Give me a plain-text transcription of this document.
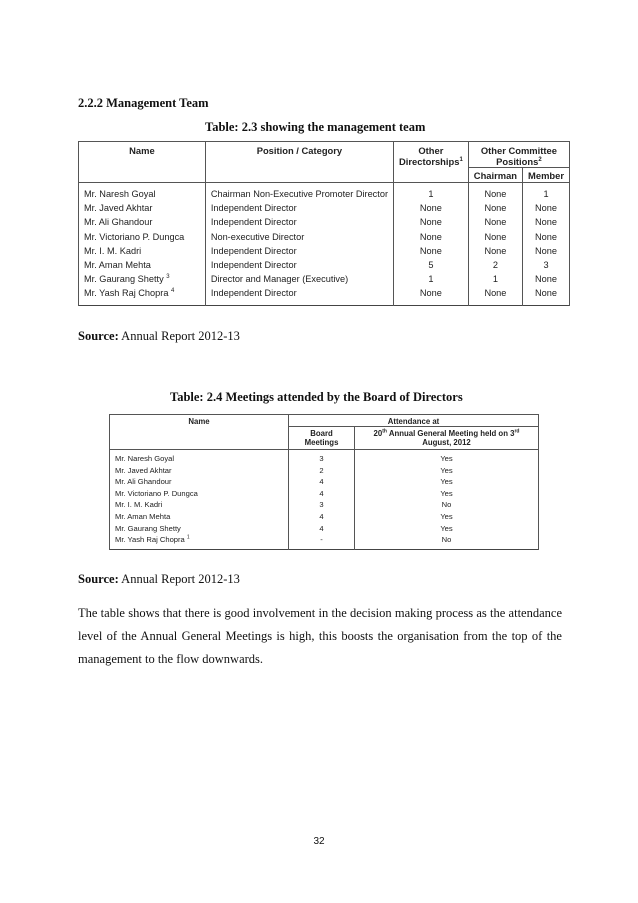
2.2.2 Management Team
Table: 2.3 showing the management team
Name	Position / Category	Other Directorships$^1$	Other Committee Positions$^2$
			Chairman	Member
Mr. Naresh Goyal	Chairman Non-Executive Promoter Director	1	None	1
Mr. Javed Akhtar	Independent Director	None	None	None
Mr. Ali Ghandour	Independent Director	None	None	None
Mr. Victoriano P. Dungca	Non-executive Director	None	None	None
Mr. I. M. Kadri	Independent Director	None	None	None
Mr. Aman Mehta	Independent Director	5	2	3
Mr. Gaurang Shetty $^3$	Director and Manager (Executive)	1	1	None
Mr. Yash Raj Chopra $^4$	Independent Director	None	None	None
Source: Annual Report 2012-13
Table: 2.4 Meetings attended by the Board of Directors
Name	Attendance at	
	Board Meetings	20th Annual General Meeting held on 3rd August, 2012
Mr. Naresh Goyal	3	Yes
Mr. Javed Akhtar	2	Yes
Mr. Ali Ghandour	4	Yes
Mr. Victoriano P. Dungca	4	Yes
Mr. I. M. Kadri	3	No
Mr. Aman Mehta	4	Yes
Mr. Gaurang Shetty	4	Yes
Mr. Yash Raj Chopra $^1$	-	No
Source: Annual Report 2012-13
The table shows that there is good involvement in the decision making process as the attendance level of the Annual General Meetings is high, this boosts the organisation from the top of the management to the flow downwards.
32
